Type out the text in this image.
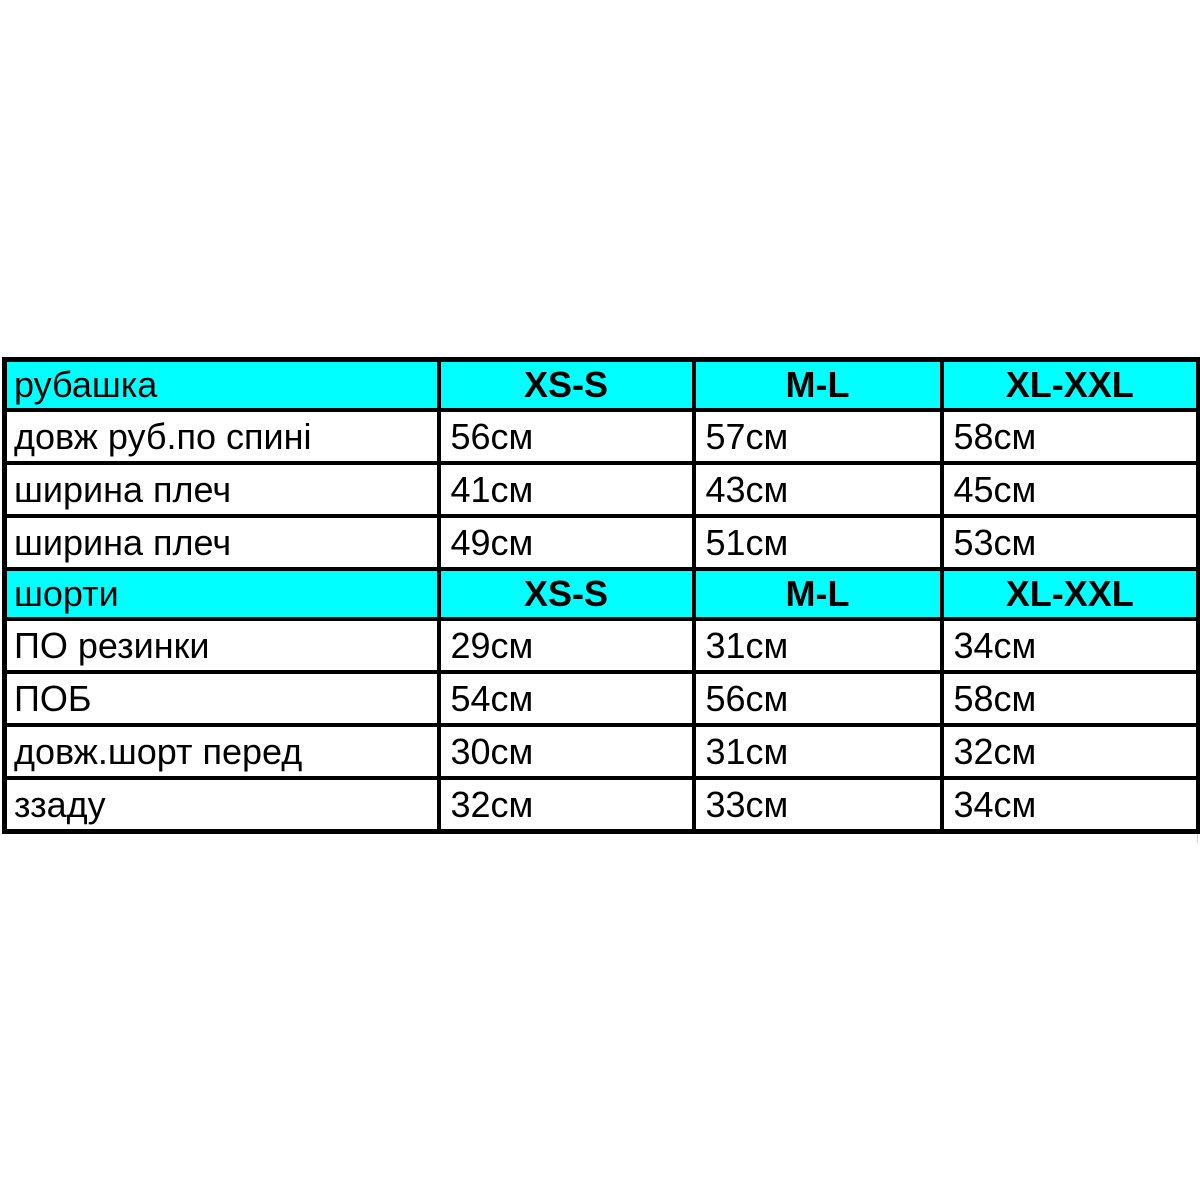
рубашка	XS-S	M-L	XL-XXL
довж руб.по спині	56см	57см	58см
ширина плеч	41см	43см	45см
ширина плеч	49см	51см	53см
шорти	XS-S	M-L	XL-XXL
ПО резинки	29см	31см	34см
ПОБ	54см	56см	58см
довж.шорт перед	30см	31см	32см
ззаду	32см	33см	34см
